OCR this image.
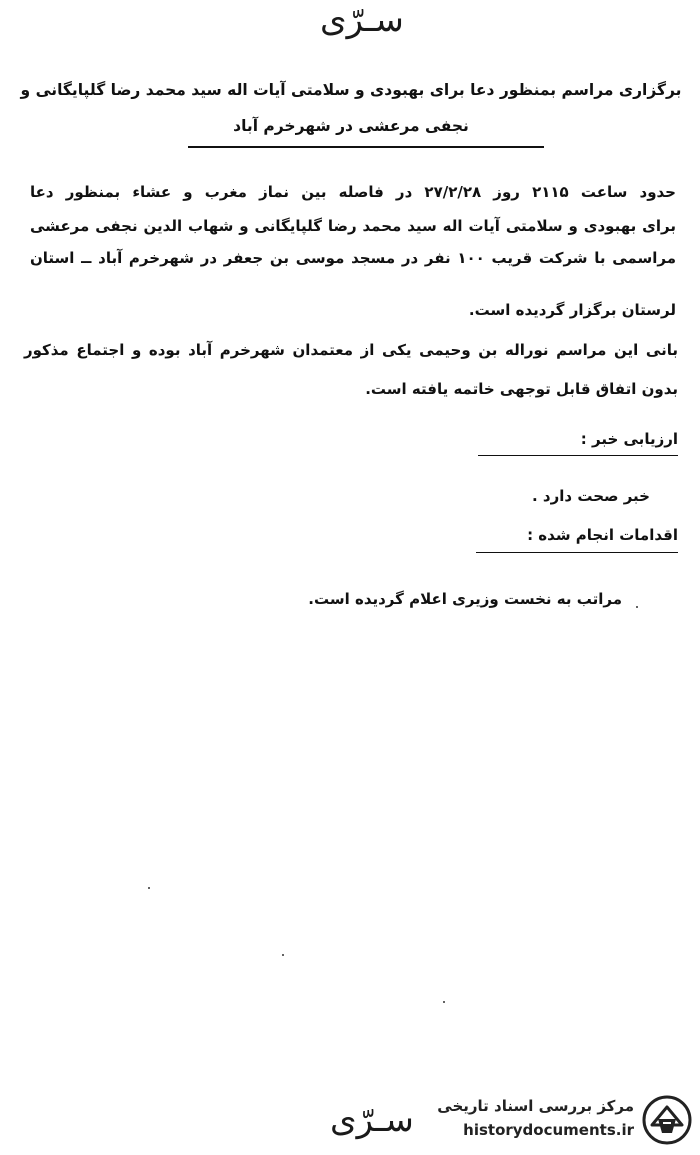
سـرّی
برگزاری مراسم بمنظور دعا برای بهبودی و سلامتی آیات اله سید محمد رضا گلپایگانی و
نجفی مرعشی در شهرخرم آباد
حدود ساعت ۲۱۱۵ روز ۲۷/۲/۲۸ در فاصله بین نماز مغرب و عشاء بمنظور دعا
برای بهبودی و سلامتی آیات اله سید محمد رضا گلپایگانی و شهاب الدین نجفی مرعشی
مراسمی با شرکت قریب ۱۰۰ نفر در مسجد موسی بن جعفر در شهرخرم آباد ــ استان
لرستان برگزار گردیده است.
بانی این مراسم نوراله بن وحیمی یکی از معتمدان شهرخرم آباد بوده و اجتماع مذکور
بدون اتفاق قابل توجهی خاتمه یافته است.
ارزیابی خبر :
خبر صحت دارد .
اقدامات انجام شده :
مراتب به نخست وزیری اعلام گردیده است.
سـرّی مرکز بررسی اسناد تاریخی
historydocuments.ir
